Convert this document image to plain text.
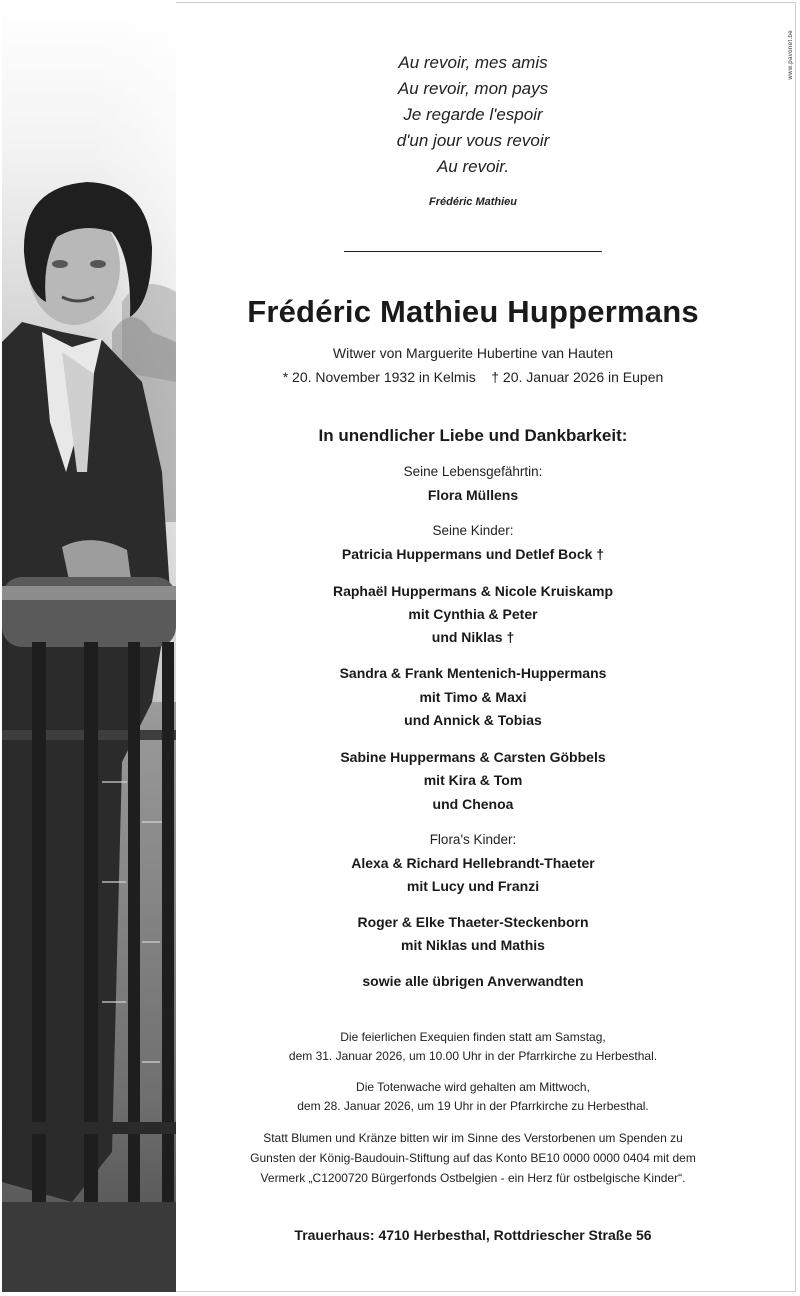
www.pavonet.be
Au revoir, mes amis
Au revoir, mon pays
Je regarde l'espoir
d'un jour vous revoir
Au revoir.
Frédéric Mathieu
Frédéric Mathieu Huppermans
Witwer von Marguerite Hubertine van Hauten
* 20. November 1932 in Kelmis    † 20. Januar 2026 in Eupen
In unendlicher Liebe und Dankbarkeit:
Seine Lebensgefährtin:
Flora Müllens
Seine Kinder:
Patricia Huppermans und Detlef Bock †
Raphaël Huppermans & Nicole Kruiskamp
mit Cynthia & Peter
und Niklas †
Sandra & Frank Mentenich-Huppermans
mit Timo & Maxi
und Annick & Tobias
Sabine Huppermans & Carsten Göbbels
mit Kira & Tom
und Chenoa
Flora's Kinder:
Alexa & Richard Hellebrandt-Thaeter
mit Lucy und Franzi
Roger & Elke Thaeter-Steckenborn
mit Niklas und Mathis
sowie alle übrigen Anverwandten
Die feierlichen Exequien finden statt am Samstag,
dem 31. Januar 2026, um 10.00 Uhr in der Pfarrkirche zu Herbesthal.
Die Totenwache wird gehalten am Mittwoch,
dem 28. Januar 2026, um 19 Uhr in der Pfarrkirche zu Herbesthal.
Statt Blumen und Kränze bitten wir im Sinne des Verstorbenen um Spenden zu
Gunsten der König-Baudouin-Stiftung auf das Konto BE10 0000 0000 0404 mit dem
Vermerk „C1200720 Bürgerfonds Ostbelgien - ein Herz für ostbelgische Kinder“.
Trauerhaus: 4710 Herbesthal, Rottdriescher Straße 56
